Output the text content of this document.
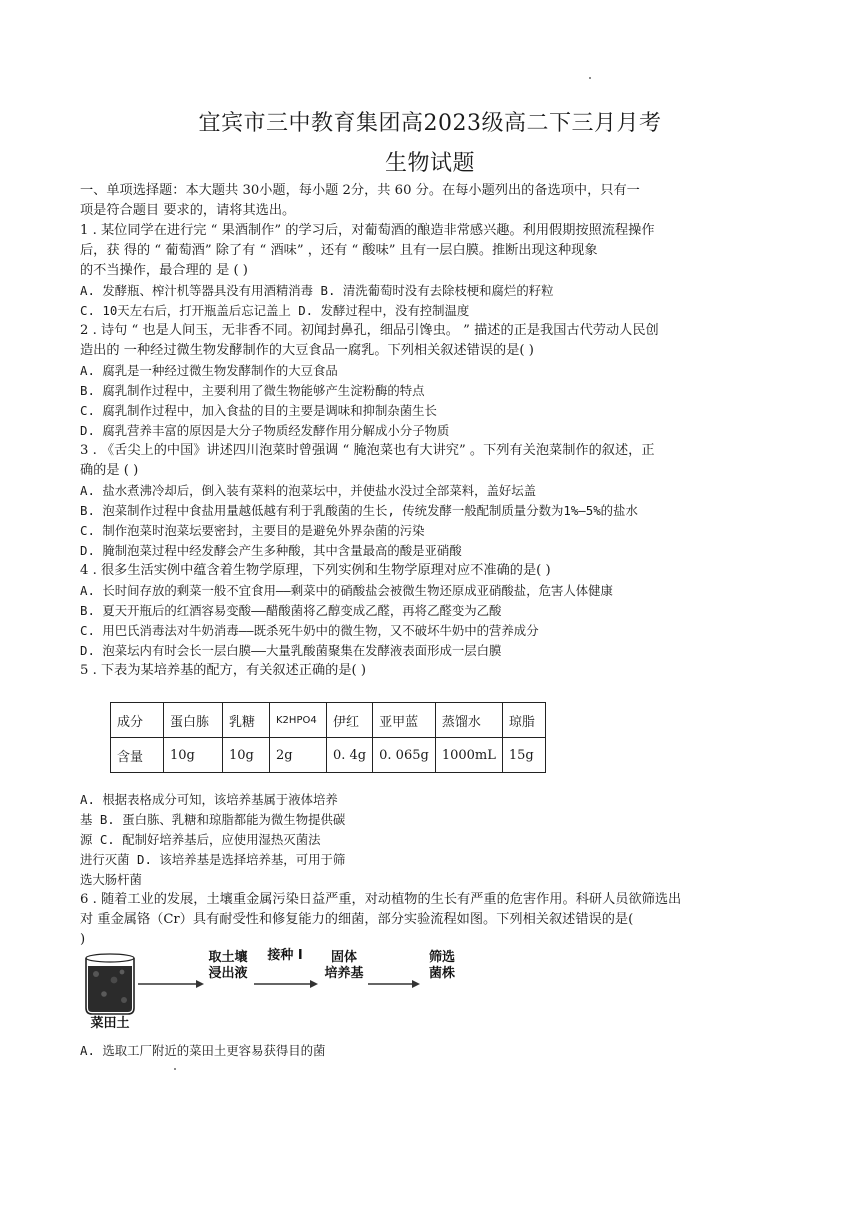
宜宾市三中教育集团高2023级高二下三月月考
生物试题
一、单项选择题：本大题共 30小题，每小题 2分，共 60 分。在每小题列出的备选项中，只有一
项是符合题目 要求的，请将其选出。
1 . 某位同学在进行完 “ 果酒制作” 的学习后，对葡萄酒的酿造非常感兴趣。利用假期按照流程操作
后，获 得的 “ 葡萄酒” 除了有 “ 酒味” ，还有 “ 酸味” 且有一层白膜。推断出现这种现象
的不当操作，最合理的 是 ( )
A. 发酵瓶、榨汁机等器具没有用酒精消毒 B. 清洗葡萄时没有去除枝梗和腐烂的籽粒
C. 10天左右后，打开瓶盖后忘记盖上 D. 发酵过程中，没有控制温度
2 . 诗句 “ 也是人间玉，无非香不同。初闻封鼻孔，细品引馋虫。 ” 描述的正是我国古代劳动人民创
造出的 一种经过微生物发酵制作的大豆食品一腐乳。下列相关叙述错误的是( )
A. 腐乳是一种经过微生物发酵制作的大豆食品
B. 腐乳制作过程中，主要利用了微生物能够产生淀粉酶的特点
C. 腐乳制作过程中，加入食盐的目的主要是调味和抑制杂菌生长
D. 腐乳营养丰富的原因是大分子物质经发酵作用分解成小分子物质
3 . 《舌尖上的中国》讲述四川泡菜时曾强调 “ 腌泡菜也有大讲究” 。下列有关泡菜制作的叙述，正
确的是 ( )
A. 盐水煮沸冷却后，倒入装有菜料的泡菜坛中，并使盐水没过全部菜料，盖好坛盖
B. 泡菜制作过程中食盐用量越低越有利于乳酸菌的生长, 传统发酵一般配制质量分数为1%—5%的盐水
C. 制作泡菜时泡菜坛要密封，主要目的是避免外界杂菌的污染
D. 腌制泡菜过程中经发酵会产生多种酸，其中含量最高的酸是亚硝酸
4 . 很多生活实例中蕴含着生物学原理，下列实例和生物学原理对应不准确的是( )
A. 长时间存放的剩菜一般不宜食用——剩菜中的硝酸盐会被微生物还原成亚硝酸盐，危害人体健康
B. 夏天开瓶后的红酒容易变酸——醋酸菌将乙醇变成乙醛，再将乙醛变为乙酸
C. 用巴氏消毒法对牛奶消毒——既杀死牛奶中的微生物，又不破坏牛奶中的营养成分
D. 泡菜坛内有时会长一层白膜——大量乳酸菌聚集在发酵液表面形成一层白膜
5 . 下表为某培养基的配方，有关叙述正确的是( )
成分	蛋白胨	乳糖	K2HPO4	伊红	亚甲蓝	蒸馏水	琼脂
含量	10g	10g	2g	0. 4g	0. 065g	1000mL	15g
A. 根据表格成分可知，该培养基属于液体培养
基 B. 蛋白胨、乳糖和琼脂都能为微生物提供碳
源 C. 配制好培养基后，应使用湿热灭菌法
进行灭菌 D. 该培养基是选择培养基，可用于筛
选大肠杆菌
6 . 随着工业的发展，土壤重金属污染日益严重，对动植物的生长有严重的危害作用。科研人员欲筛选出
对 重金属铬（Cr）具有耐受性和修复能力的细菌，部分实验流程如图。下列相关叙述错误的是(
)
菜田土
取土壤
浸出液
接种 I	固体
培养基
筛选
菌株
A. 选取工厂附近的菜田土更容易获得目的菌
